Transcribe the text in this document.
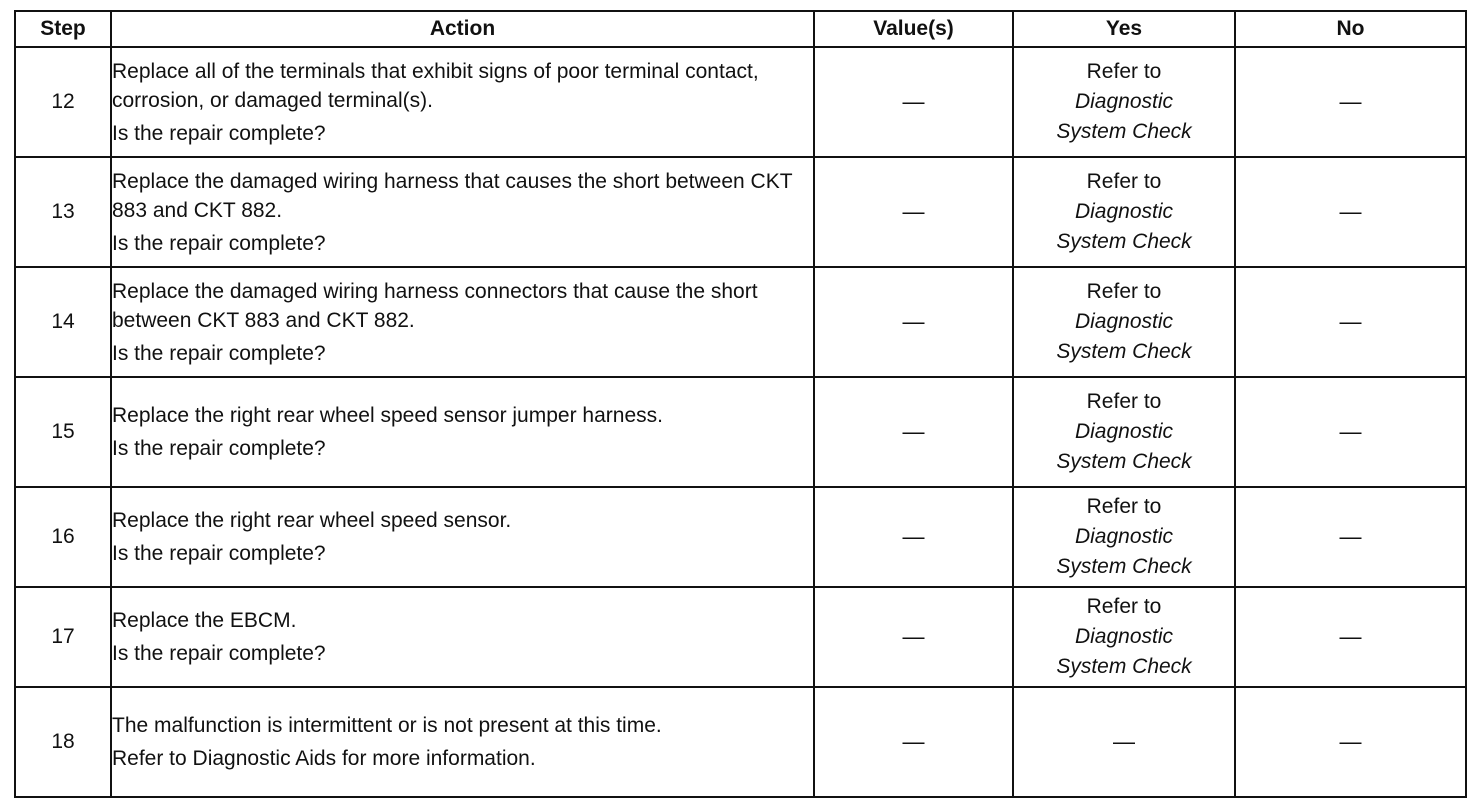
Step	Action	Value(s)	Yes	No
12	Replace all of the terminals that exhibit signs of poor terminal contact, corrosion, or damaged terminal(s).
Is the repair complete?	—	Refer to
Diagnostic
System Check	—
13	Replace the damaged wiring harness that causes the short between CKT 883 and CKT 882.
Is the repair complete?	—	Refer to
Diagnostic
System Check	—
14	Replace the damaged wiring harness connectors that cause the short between CKT 883 and CKT 882.
Is the repair complete?	—	Refer to
Diagnostic
System Check	—
15	Replace the right rear wheel speed sensor jumper harness.
Is the repair complete?	—	Refer to
Diagnostic
System Check	—
16	Replace the right rear wheel speed sensor.
Is the repair complete?	—	Refer to
Diagnostic
System Check	—
17	Replace the EBCM.
Is the repair complete?	—	Refer to
Diagnostic
System Check	—
18	The malfunction is intermittent or is not present at this time.
Refer to Diagnostic Aids for more information.	—	—	—
